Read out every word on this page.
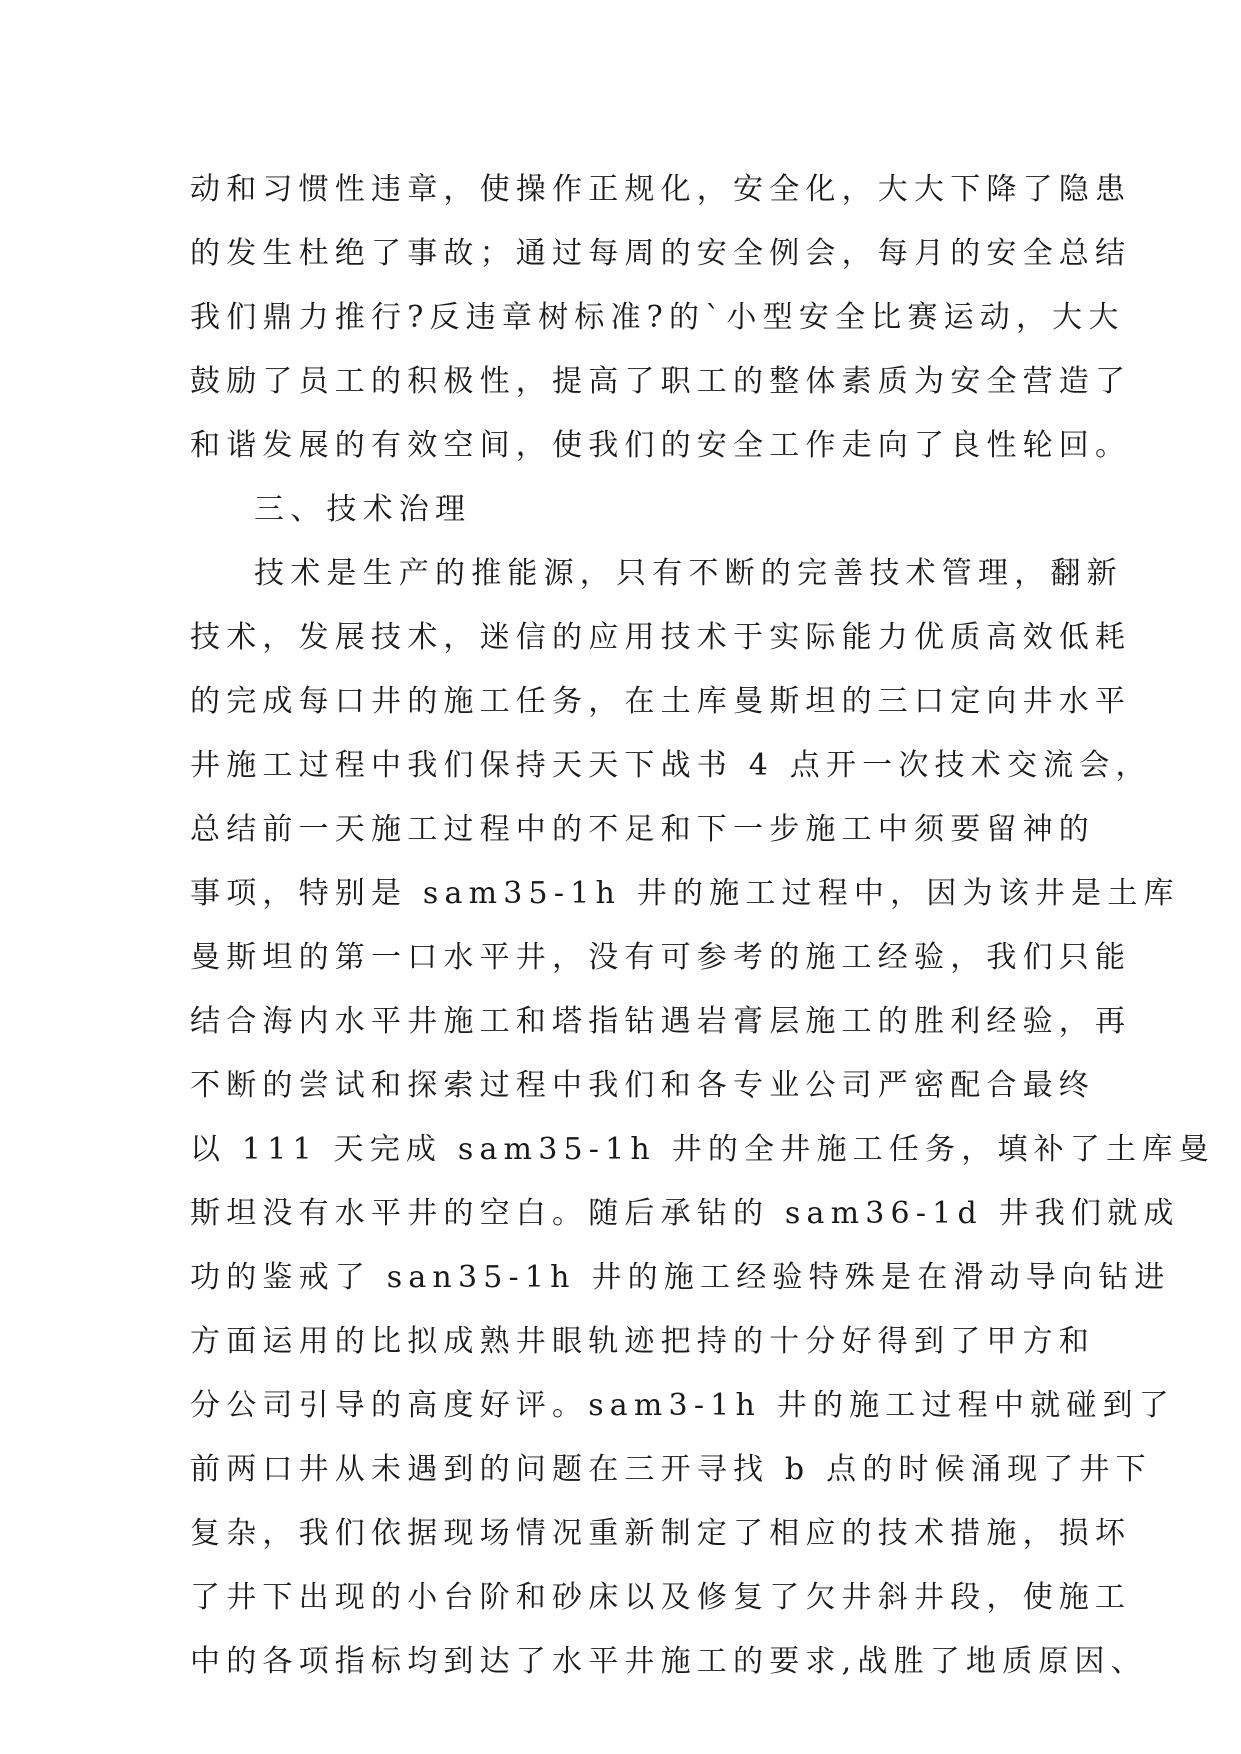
动和习惯性违章，使操作正规化，安全化，大大下降了隐患
的发生杜绝了事故；通过每周的安全例会，每月的安全总结
我们鼎力推行?反违章树标准?的`小型安全比赛运动，大大
鼓励了员工的积极性，提高了职工的整体素质为安全营造了
和谐发展的有效空间，使我们的安全工作走向了良性轮回。
三、技术治理
技术是生产的推能源，只有不断的完善技术管理，翻新
技术，发展技术，迷信的应用技术于实际能力优质高效低耗
的完成每口井的施工任务，在土库曼斯坦的三口定向井水平
井施工过程中我们保持天天下战书 4 点开一次技术交流会，
总结前一天施工过程中的不足和下一步施工中须要留神的
事项，特别是 sam35-1h 井的施工过程中，因为该井是土库
曼斯坦的第一口水平井，没有可参考的施工经验，我们只能
结合海内水平井施工和塔指钻遇岩膏层施工的胜利经验，再
不断的尝试和探索过程中我们和各专业公司严密配合最终
以 111 天完成 sam35-1h 井的全井施工任务，填补了土库曼
斯坦没有水平井的空白。随后承钻的 sam36-1d 井我们就成
功的鉴戒了 san35-1h 井的施工经验特殊是在滑动导向钻进
方面运用的比拟成熟井眼轨迹把持的十分好得到了甲方和
分公司引导的高度好评。sam3-1h 井的施工过程中就碰到了
前两口井从未遇到的问题在三开寻找 b 点的时候涌现了井下
复杂，我们依据现场情况重新制定了相应的技术措施，损坏
了井下出现的小台阶和砂床以及修复了欠井斜井段，使施工
中的各项指标均到达了水平井施工的要求,战胜了地质原因、
